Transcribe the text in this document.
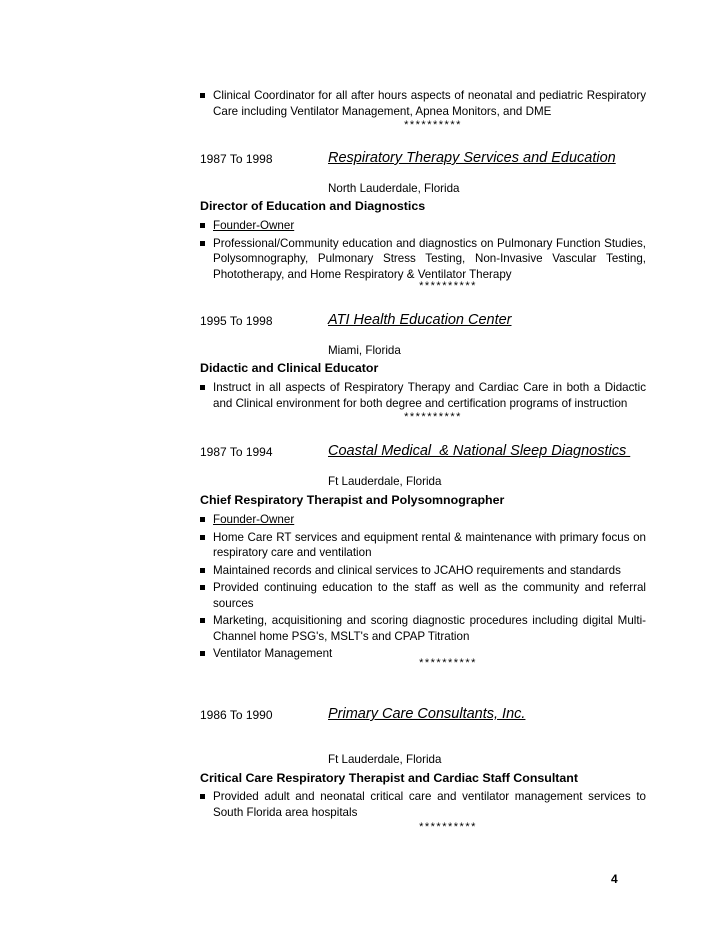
Clinical Coordinator for all after hours aspects of neonatal and pediatric Respiratory Care including Ventilator Management, Apnea Monitors, and DME
**********
1987 To 1998	Respiratory Therapy Services and Education
North Lauderdale, Florida
Director of Education and Diagnostics
Founder-Owner
Professional/Community education and diagnostics on Pulmonary Function Studies, Polysomnography, Pulmonary Stress Testing, Non-Invasive Vascular Testing, Phototherapy, and Home Respiratory & Ventilator Therapy
**********
1995 To 1998	ATI Health Education Center
Miami, Florida
Didactic and Clinical Educator
Instruct in all aspects of Respiratory Therapy and Cardiac Care in both a Didactic and Clinical environment for both degree and certification programs of instruction
**********
1987 To 1994	Coastal Medical  & National Sleep Diagnostics
Ft Lauderdale, Florida
Chief Respiratory Therapist and Polysomnographer
Founder-Owner
Home Care RT services and equipment rental & maintenance with primary focus on respiratory care and ventilation
Maintained records and clinical services to JCAHO requirements and standards
Provided continuing education to the staff as well as the community and referral sources
Marketing, acquisitioning and scoring diagnostic procedures including digital Multi-Channel home PSG's, MSLT's and CPAP Titration
Ventilator Management
**********
1986 To 1990	Primary Care Consultants, Inc.
Ft Lauderdale, Florida
Critical Care Respiratory Therapist and Cardiac Staff Consultant
Provided adult and neonatal critical care and ventilator management services to South Florida area hospitals
**********
4
